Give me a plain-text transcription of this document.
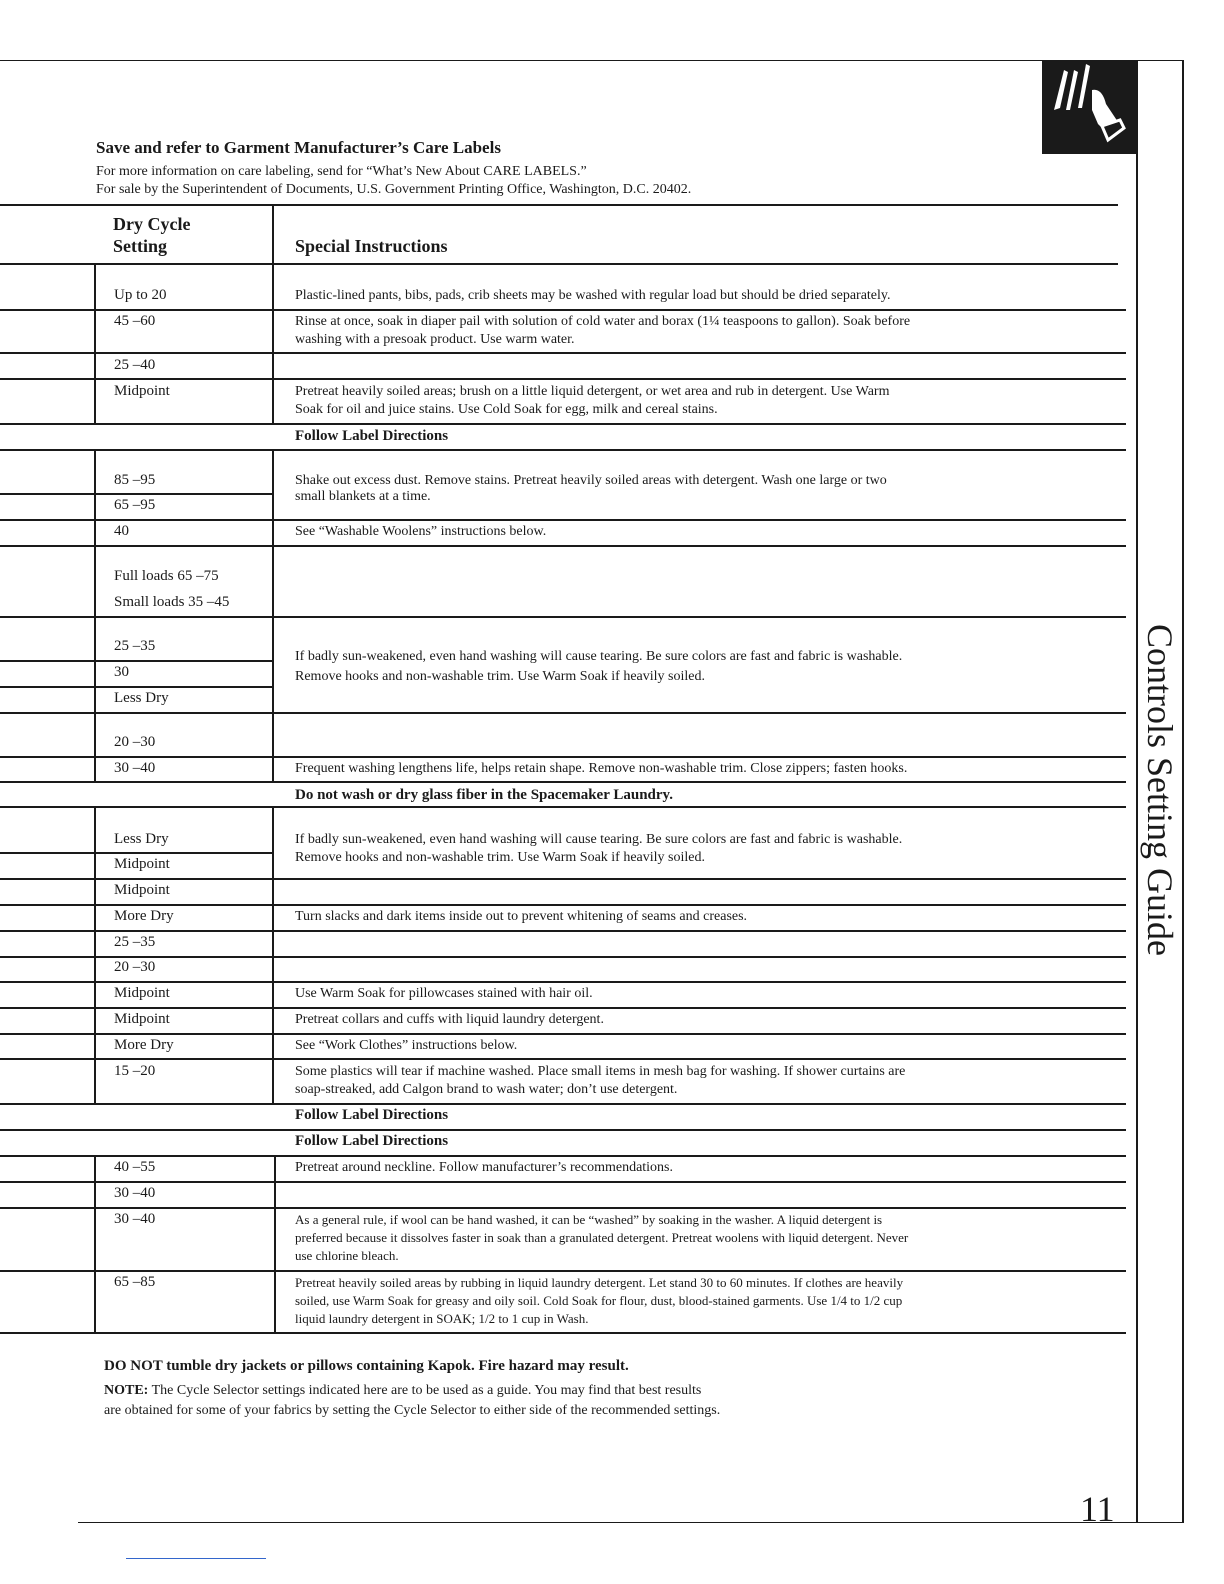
Controls Setting Guide
Save and refer to Garment Manufacturer’s Care Labels
For more information on care labeling, send for “What’s New About CARE LABELS.”
For sale by the Superintendent of Documents, U.S. Government Printing Office, Washington, D.C. 20402.
Dry Cycle
Setting	Special Instructions
Up to 20
45 –60
25 –40
Midpoint
85 –95
65 –95
40
Full loads 65 –75
Small loads 35 –45
25 –35
30
Less Dry
20 –30
30 –40
Less Dry
Midpoint
Midpoint
More Dry
25 –35
20 –30
Midpoint
Midpoint
More Dry
15 –20
40 –55
30 –40
30 –40
65 –85
Plastic-lined pants, bibs, pads, crib sheets may be washed with regular load but should be dried separately.
Rinse at once, soak in diaper pail with solution of cold water and borax (1¼ teaspoons to gallon). Soak before
washing with a presoak product. Use warm water.
Pretreat heavily soiled areas; brush on a little liquid detergent, or wet area and rub in detergent. Use Warm
Soak for oil and juice stains. Use Cold Soak for egg, milk and cereal stains.
Follow Label Directions
Shake out excess dust. Remove stains. Pretreat heavily soiled areas with detergent. Wash one large or two
small blankets at a time.
See “Washable Woolens” instructions below.
If badly sun-weakened, even hand washing will cause tearing. Be sure colors are fast and fabric is washable.
Remove hooks and non-washable trim. Use Warm Soak if heavily soiled.
Frequent washing lengthens life, helps retain shape. Remove non-washable trim. Close zippers; fasten hooks.
Do not wash or dry glass fiber in the Spacemaker Laundry.
If badly sun-weakened, even hand washing will cause tearing. Be sure colors are fast and fabric is washable.
Remove hooks and non-washable trim. Use Warm Soak if heavily soiled.
Turn slacks and dark items inside out to prevent whitening of seams and creases.
Use Warm Soak for pillowcases stained with hair oil.
Pretreat collars and cuffs with liquid laundry detergent.
See “Work Clothes” instructions below.
Some plastics will tear if machine washed. Place small items in mesh bag for washing. If shower curtains are
soap-streaked, add Calgon brand to wash water; don’t use detergent.
Follow Label Directions
Follow Label Directions
Pretreat around neckline. Follow manufacturer’s recommendations.
As a general rule, if wool can be hand washed, it can be “washed” by soaking in the washer. A liquid detergent is
preferred because it dissolves faster in soak than a granulated detergent. Pretreat woolens with liquid detergent. Never
use chlorine bleach.
Pretreat heavily soiled areas by rubbing in liquid laundry detergent. Let stand 30 to 60 minutes. If clothes are heavily
soiled, use Warm Soak for greasy and oily soil. Cold Soak for flour, dust, blood-stained garments. Use 1/4 to 1/2 cup
liquid laundry detergent in SOAK; 1/2 to 1 cup in Wash.
DO NOT tumble dry jackets or pillows containing Kapok. Fire hazard may result.
NOTE: The Cycle Selector settings indicated here are to be used as a guide. You may find that best results
are obtained for some of your fabrics by setting the Cycle Selector to either side of the recommended settings.
11
